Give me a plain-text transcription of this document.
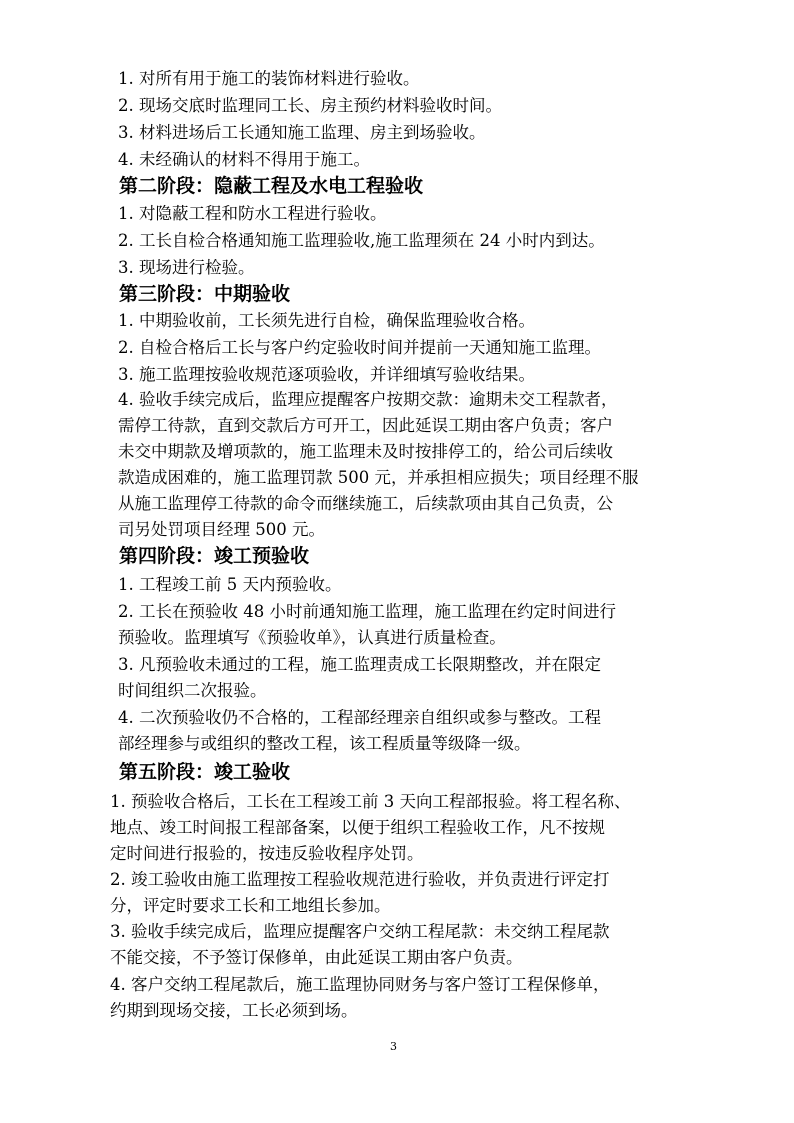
1. 对所有用于施工的装饰材料进行验收。
2. 现场交底时监理同工长、房主预约材料验收时间。
3. 材料进场后工长通知施工监理、房主到场验收。
4. 未经确认的材料不得用于施工。
第二阶段：隐蔽工程及水电工程验收
1. 对隐蔽工程和防水工程进行验收。
2. 工长自检合格通知施工监理验收,施工监理须在 24 小时内到达。
3. 现场进行检验。
第三阶段：中期验收
1. 中期验收前，工长须先进行自检，确保监理验收合格。
2. 自检合格后工长与客户约定验收时间并提前一天通知施工监理。
3. 施工监理按验收规范逐项验收，并详细填写验收结果。
4. 验收手续完成后，监理应提醒客户按期交款：逾期未交工程款者，
需停工待款，直到交款后方可开工，因此延误工期由客户负责；客户
未交中期款及增项款的，施工监理未及时按排停工的，给公司后续收
款造成困难的，施工监理罚款 500 元，并承担相应损失；项目经理不服
从施工监理停工待款的命令而继续施工，后续款项由其自己负责，公
司另处罚项目经理 500 元。
第四阶段：竣工预验收
1. 工程竣工前 5 天内预验收。
2. 工长在预验收 48 小时前通知施工监理，施工监理在约定时间进行
预验收。监理填写《预验收单》，认真进行质量检查。
3. 凡预验收未通过的工程，施工监理责成工长限期整改，并在限定
时间组织二次报验。
4. 二次预验收仍不合格的，工程部经理亲自组织或参与整改。工程
部经理参与或组织的整改工程，该工程质量等级降一级。
第五阶段：竣工验收
1. 预验收合格后，工长在工程竣工前 3 天向工程部报验。将工程名称、
地点、竣工时间报工程部备案，以便于组织工程验收工作，凡不按规
定时间进行报验的，按违反验收程序处罚。
2. 竣工验收由施工监理按工程验收规范进行验收，并负责进行评定打
分，评定时要求工长和工地组长参加。
3. 验收手续完成后，监理应提醒客户交纳工程尾款：未交纳工程尾款
不能交接，不予签订保修单，由此延误工期由客户负责。
4. 客户交纳工程尾款后，施工监理协同财务与客户签订工程保修单，
约期到现场交接，工长必须到场。
3
